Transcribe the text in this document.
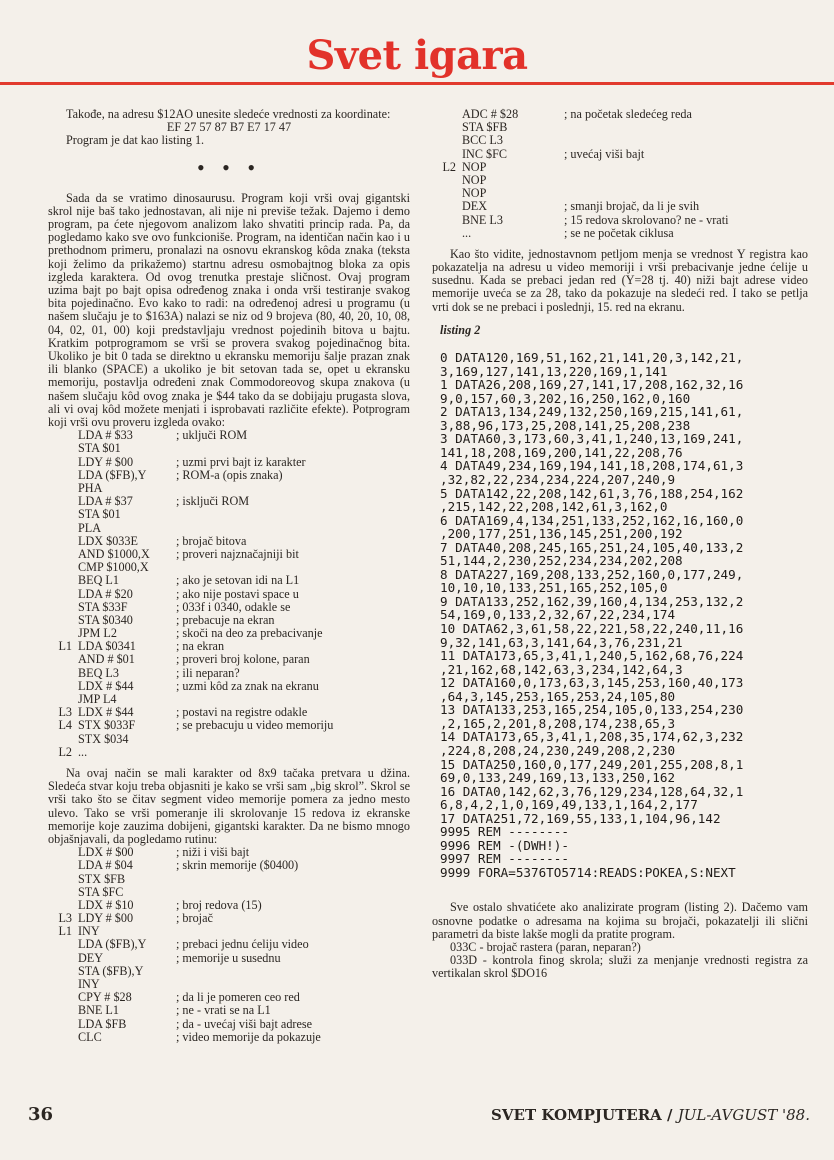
Svet igara

Takođe, na adresu $12AO unesite sledeće vrednosti za koordinate:

EF 27 57 87 B7 E7 17 47

Program je dat kao listing 1.

• • •

Sada da se vratimo dinosaurusu. Program koji vrši ovaj gigantski skrol nije baš tako jednostavan, ali nije ni previše težak. Dajemo i demo program, pa ćete njegovom analizom lako shvatiti princip rada. Pa, da pogledamo kako sve ovo funkcioniše. Program, na identičan način kao i u prethodnom primeru, pronalazi na osnovu ekranskog kôda znaka (teksta koji želimo da prikažemo) startnu adresu osmobajtnog bloka za opis izgleda karaktera. Od ovog trenutka prestaje sličnost. Ovaj program uzima bajt po bajt opisa određenog znaka i onda vrši testiranje svakog bita pojedinačno. Evo kako to radi: na određenoj adresi u programu (u našem slučaju je to $163A) nalazi se niz od 9 brojeva (80, 40, 20, 10, 08, 04, 02, 01, 00) koji predstavljaju vrednost pojedinih bitova u bajtu. Kratkim potprogramom se vrši se provera svakog pojedinačnog bita. Ukoliko je bit 0 tada se direktno u ekransku memoriju šalje prazan znak ili blanko (SPACE) a ukoliko je bit setovan tada se, opet u ekransku memoriju, postavlja određeni znak Commodoreovog skupa znakova (u našem slučaju kôd ovog znaka je $44 tako da se dobijaju prugasta slova, ali vi ovaj kôd možete menjati i isprobavati različite efekte). Potprogram koji vrši ovu proveru izgleda ovako:

LDA # $33	; uključi ROM
STA $01
LDY # $00	; uzmi prvi bajt iz karakter
LDA ($FB),Y	; ROM-a (opis znaka)
PHA
LDA # $37	; isključi ROM
STA $01
PLA
LDX $033E	; brojač bitova
AND $1000,X	; proveri najznačajniji bit
CMP $1000,X
BEQ L1	; ako je setovan idi na L1
LDA # $20	; ako nije postavi space u
STA $33F	; 033f i 0340, odakle se
STA $0340	; prebacuje na ekran
JPM L2	; skoči na deo za prebacivanje
L1 LDA $0341	; na ekran
AND # $01	; proveri broj kolone, paran
BEQ L3	; ili neparan?
LDX # $44	; uzmi kôd za znak na ekranu
JMP L4
L3 LDX # $44	; postavi na registre odakle
L4 STX $033F	; se prebacuju u video memoriju
STX $034
L2 ...

Na ovaj način se mali karakter od 8x9 tačaka pretvara u džina. Sledeća stvar koju treba objasniti je kako se vrši sam „big skrol”. Skrol se vrši tako što se čitav segment video memorije pomera za jedno mesto ulevo. Tako se vrši pomeranje ili skrolovanje 15 redova iz ekranske memorije koje zauzima dobijeni, gigantski karakter. Da ne bismo mnogo objašnjavali, da pogledamo rutinu:

LDX # $00	; niži i viši bajt
LDA # $04	; skrin memorije ($0400)
STX $FB
STA $FC
LDX # $10	; broj redova (15)
L3 LDY # $00	; brojač
L1 INY
LDA ($FB),Y	; prebaci jednu ćeliju video
DEY	; memorije u susednu
STA ($FB),Y
INY
CPY # $28	; da li je pomeren ceo red
BNE L1	; ne - vrati se na L1
LDA $FB	; da - uvećaj viši bajt adrese
CLC	; video memorije da pokazuje
ADC # $28	; na početak sledećeg reda
STA $FB
BCC L3
INC $FC	; uvećaj viši bajt
L2 NOP
NOP
NOP
DEX	; smanji brojač, da li je svih
BNE L3	; 15 redova skrolovano? ne - vrati
...	; se ne početak ciklusa

Kao što vidite, jednostavnom petljom menja se vrednost Y registra kao pokazatelja na adresu u video memoriji i vrši prebacivanje jedne ćelije u susednu. Kada se prebaci jedan red (Y=28 tj. 40) niži bajt adrese video memorije uveća se za 28, tako da pokazuje na sledeći red. I tako se petlja vrti dok se ne prebaci i poslednji, 15. red na ekranu.

listing 2
0 DATA120,169,51,162,21,141,20,3,142,21,
3,169,127,141,13,220,169,1,141
1 DATA26,208,169,27,141,17,208,162,32,16
9,0,157,60,3,202,16,250,162,0,160
2 DATA13,134,249,132,250,169,215,141,61,
3,88,96,173,25,208,141,25,208,238
3 DATA60,3,173,60,3,41,1,240,13,169,241,
141,18,208,169,200,141,22,208,76
4 DATA49,234,169,194,141,18,208,174,61,3
,32,82,22,234,234,224,207,240,9
5 DATA142,22,208,142,61,3,76,188,254,162
,215,142,22,208,142,61,3,162,0
6 DATA169,4,134,251,133,252,162,16,160,0
,200,177,251,136,145,251,200,192
7 DATA40,208,245,165,251,24,105,40,133,2
51,144,2,230,252,234,234,202,208
8 DATA227,169,208,133,252,160,0,177,249,
10,10,10,133,251,165,252,105,0
9 DATA133,252,162,39,160,4,134,253,132,2
54,169,0,133,2,32,67,22,234,174
10 DATA62,3,61,58,22,221,58,22,240,11,16
9,32,141,63,3,141,64,3,76,231,21
11 DATA173,65,3,41,1,240,5,162,68,76,224
,21,162,68,142,63,3,234,142,64,3
12 DATA160,0,173,63,3,145,253,160,40,173
,64,3,145,253,165,253,24,105,80
13 DATA133,253,165,254,105,0,133,254,230
,2,165,2,201,8,208,174,238,65,3
14 DATA173,65,3,41,1,208,35,174,62,3,232
,224,8,208,24,230,249,208,2,230
15 DATA250,160,0,177,249,201,255,208,8,1
69,0,133,249,169,13,133,250,162
16 DATA0,142,62,3,76,129,234,128,64,32,1
6,8,4,2,1,0,169,49,133,1,164,2,177
17 DATA251,72,169,55,133,1,104,96,142
9995 REM --------
9996 REM -(DWH!)-
9997 REM --------
9999 FORA=5376TO5714:READS:POKEA,S:NEXT

Sve ostalo shvatićete ako analizirate program (listing 2). Dačemo vam osnovne podatke o adresama na kojima su brojači, pokazatelji ili slični parametri da biste lakše mogli da pratite program.

033C - brojač rastera (paran, neparan?)

033D - kontrola finog skrola; služi za menjanje vrednosti registra za vertikalan skrol $DO16

36	SVET KOMPJUTERA / JUL-AVGUST '88.
